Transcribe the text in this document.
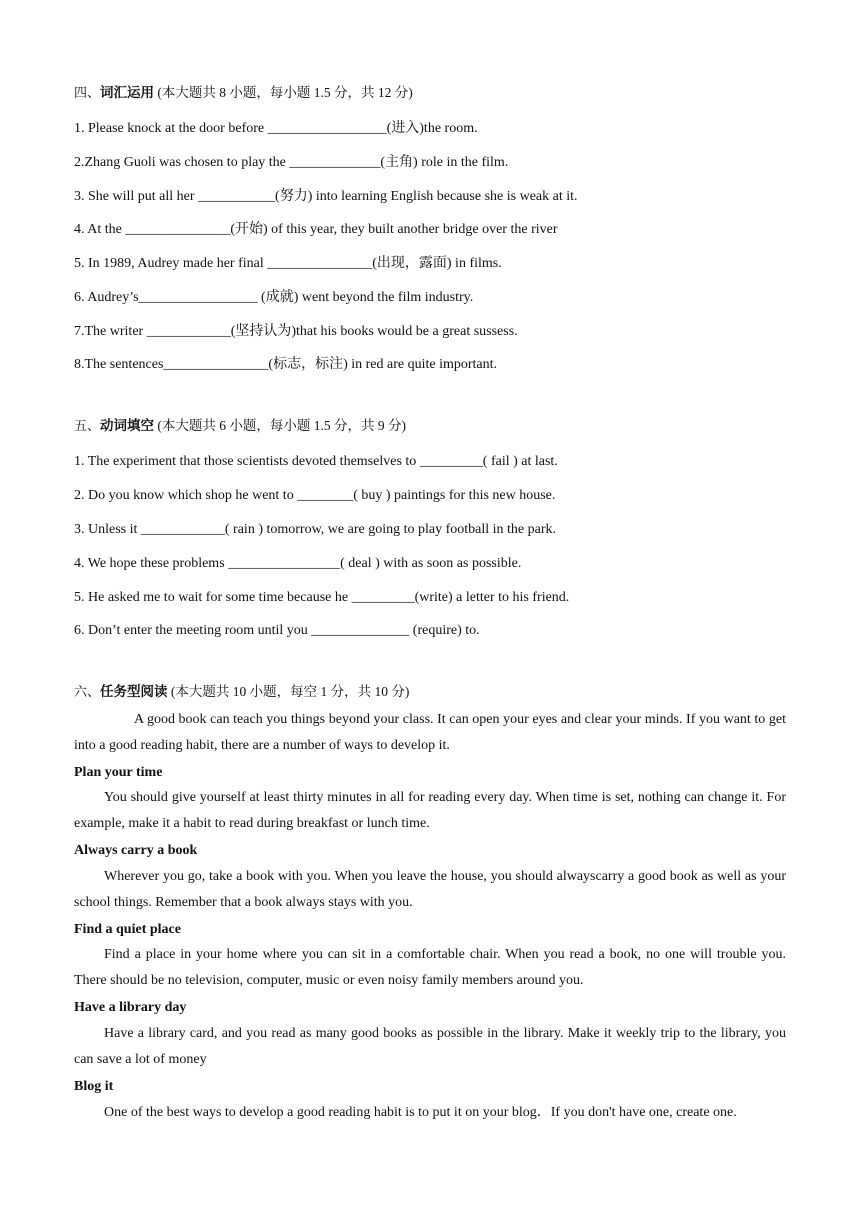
四、词汇运用 (本大题共 8 小题，每小题 1.5 分，共 12 分)
1. Please knock at the door before _________________(进入)the room.
2.Zhang Guoli was chosen to play the _____________(主角) role in the film.
3. She will put all her ___________(努力) into learning English because she is weak at it.
4. At the _______________(开始) of this year, they built another bridge over the river
5. In 1989, Audrey made her final _______________(出现，露面) in films.
6. Audrey’s_________________ (成就) went beyond the film industry.
7.The writer ____________(坚持认为)that his books would be a great sussess.
8.The sentences_______________(标志，标注) in red are quite important.
五、动词填空 (本大题共 6 小题，每小题 1.5 分，共 9 分)
1. The experiment that those scientists devoted themselves to _________( fail ) at last.
2. Do you know which shop he went to ________( buy ) paintings for this new house.
3. Unless it ____________( rain ) tomorrow, we are going to play football in the park.
4. We hope these problems ________________( deal ) with as soon as possible.
5. He asked me to wait for some time because he _________(write) a letter to his friend.
6. Don’t enter the meeting room until you ______________ (require) to.
六、任务型阅读 (本大题共 10 小题，每空 1 分，共 10 分)
A good book can teach you things beyond your class. It can open your eyes and clear your minds. If you want to get into a good reading habit, there are a number of ways to develop it.
Plan your time
You should give yourself at least thirty minutes in all for reading every day. When time is set, nothing can change it. For example, make it a habit to read during breakfast or lunch time.
Always carry a book
Wherever you go, take a book with you. When you leave the house, you should alwayscarry a good book as well as your school things. Remember that a book always stays with you.
Find a quiet place
Find a place in your home where you can sit in a comfortable chair. When you read a book, no one will trouble you. There should be no television, computer, music or even noisy family members around you.
Have a library day
Have a library card, and you read as many good books as possible in the library. Make it weekly trip to the library, you can save a lot of money
Blog it
One of the best ways to develop a good reading habit is to put it on your blog．If you don't have one, create one.
